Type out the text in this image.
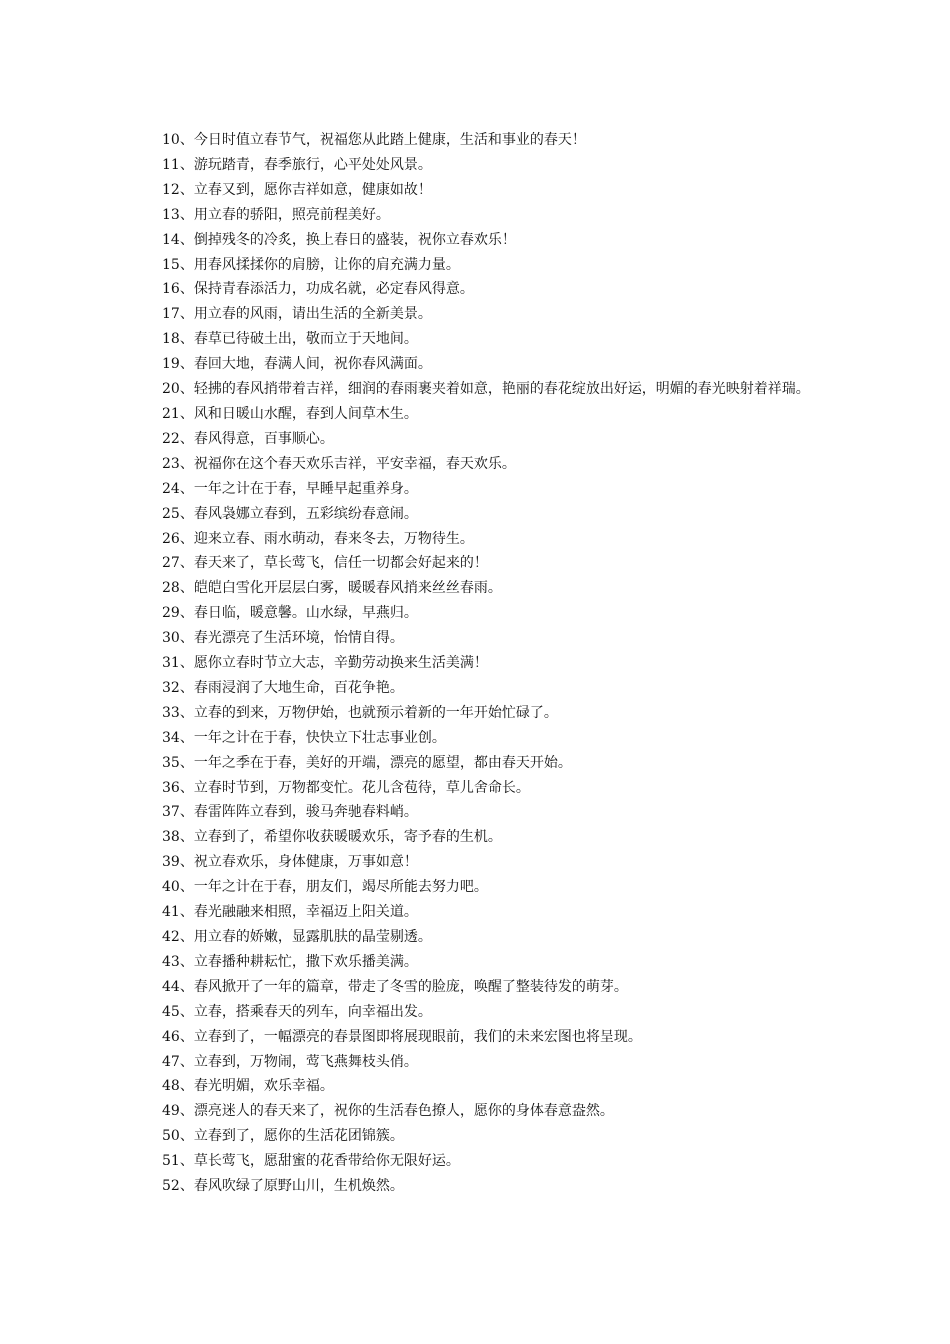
10、今日时值立春节气，祝福您从此踏上健康，生活和事业的春天！

11、游玩踏青，春季旅行，心平处处风景。

12、立春又到，愿你吉祥如意，健康如故！

13、用立春的骄阳，照亮前程美好。

14、倒掉残冬的冷炙，换上春日的盛装，祝你立春欢乐！

15、用春风揉揉你的肩膀，让你的肩充满力量。

16、保持青春添活力，功成名就，必定春风得意。

17、用立春的风雨，请出生活的全新美景。

18、春草已待破土出，敬而立于天地间。

19、春回大地，春满人间，祝你春风满面。

20、轻拂的春风捎带着吉祥，细润的春雨裹夹着如意，艳丽的春花绽放出好运，明媚的春光映射着祥瑞。

21、风和日暖山水醒，春到人间草木生。

22、春风得意，百事顺心。

23、祝福你在这个春天欢乐吉祥，平安幸福，春天欢乐。

24、一年之计在于春，早睡早起重养身。

25、春风袅娜立春到，五彩缤纷春意闹。

26、迎来立春、雨水萌动，春来冬去，万物待生。

27、春天来了，草长莺飞，信任一切都会好起来的！

28、皑皑白雪化开层层白雾，暖暖春风捎来丝丝春雨。

29、春日临，暖意馨。山水绿，早燕归。

30、春光漂亮了生活环境，怡情自得。

31、愿你立春时节立大志，辛勤劳动换来生活美满！

32、春雨浸润了大地生命，百花争艳。

33、立春的到来，万物伊始，也就预示着新的一年开始忙碌了。

34、一年之计在于春，快快立下壮志事业创。

35、一年之季在于春，美好的开端，漂亮的愿望，都由春天开始。

36、立春时节到，万物都变忙。花儿含苞待，草儿舍命长。

37、春雷阵阵立春到，骏马奔驰春料峭。

38、立春到了，希望你收获暖暖欢乐，寄予春的生机。

39、祝立春欢乐，身体健康，万事如意！

40、一年之计在于春，朋友们，竭尽所能去努力吧。

41、春光融融来相照，幸福迈上阳关道。

42、用立春的娇嫩，显露肌肤的晶莹剔透。

43、立春播种耕耘忙，撒下欢乐播美满。

44、春风掀开了一年的篇章，带走了冬雪的脸庞，唤醒了整装待发的萌芽。

45、立春，搭乘春天的列车，向幸福出发。

46、立春到了，一幅漂亮的春景图即将展现眼前，我们的未来宏图也将呈现。

47、立春到，万物闹，莺飞燕舞枝头俏。

48、春光明媚，欢乐幸福。

49、漂亮迷人的春天来了，祝你的生活春色撩人，愿你的身体春意盎然。

50、立春到了，愿你的生活花团锦簇。

51、草长莺飞，愿甜蜜的花香带给你无限好运。

52、春风吹绿了原野山川，生机焕然。
